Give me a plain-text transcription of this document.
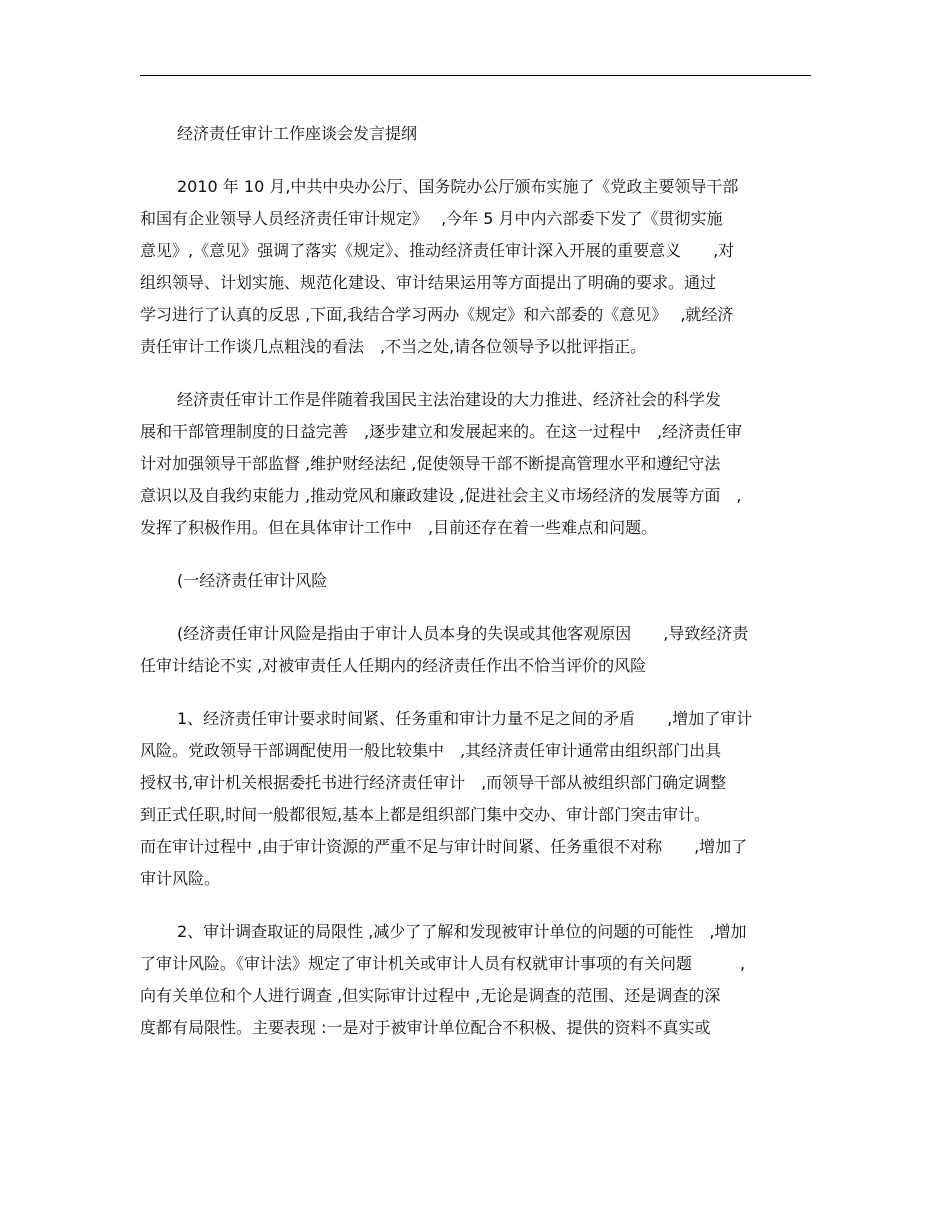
经济责任审计工作座谈会发言提纲
2010 年 10 月,中共中央办公厅、国务院办公厅颁布实施了《党政主要领导干部
和国有企业领导人员经济责任审计规定》　 ,今年 5 月中内六部委下发了《贯彻实施
意见》,《意见》强调了落实《规定》、推动经济责任审计深入开展的重要意义　　,对
组织领导、计划实施、规范化建设、审计结果运用等方面提出了明确的要求。通过
学习进行了认真的反思 ,下面,我结合学习两办《规定》和六部委的《意见》　 ,就经济
责任审计工作谈几点粗浅的看法　,不当之处,请各位领导予以批评指正。
经济责任审计工作是伴随着我国民主法治建设的大力推进、经济社会的科学发
展和干部管理制度的日益完善　,逐步建立和发展起来的。在这一过程中　,经济责任审
计对加强领导干部监督 ,维护财经法纪 ,促使领导干部不断提高管理水平和遵纪守法
意识以及自我约束能力 ,推动党风和廉政建设 ,促进社会主义市场经济的发展等方面　,
发挥了积极作用。但在具体审计工作中　,目前还存在着一些难点和问题。
(一经济责任审计风险
(经济责任审计风险是指由于审计人员本身的失误或其他客观原因　　,导致经济责
任审计结论不实 ,对被审责任人任期内的经济责任作出不恰当评价的风险
1、经济责任审计要求时间紧、任务重和审计力量不足之间的矛盾　　,增加了审计
风险。党政领导干部调配使用一般比较集中　,其经济责任审计通常由组织部门出具
授权书,审计机关根据委托书进行经济责任审计　,而领导干部从被组织部门确定调整
到正式任职,时间一般都很短,基本上都是组织部门集中交办、审计部门突击审计。
而在审计过程中 ,由于审计资源的严重不足与审计时间紧、任务重很不对称　　,增加了
审计风险。
2、审计调查取证的局限性 ,减少了了解和发现被审计单位的问题的可能性　,增加
了审计风险。《审计法》规定了审计机关或审计人员有权就审计事项的有关问题　　　,
向有关单位和个人进行调查 ,但实际审计过程中 ,无论是调查的范围、还是调查的深
度都有局限性。主要表现 :一是对于被审计单位配合不积极、提供的资料不真实或
